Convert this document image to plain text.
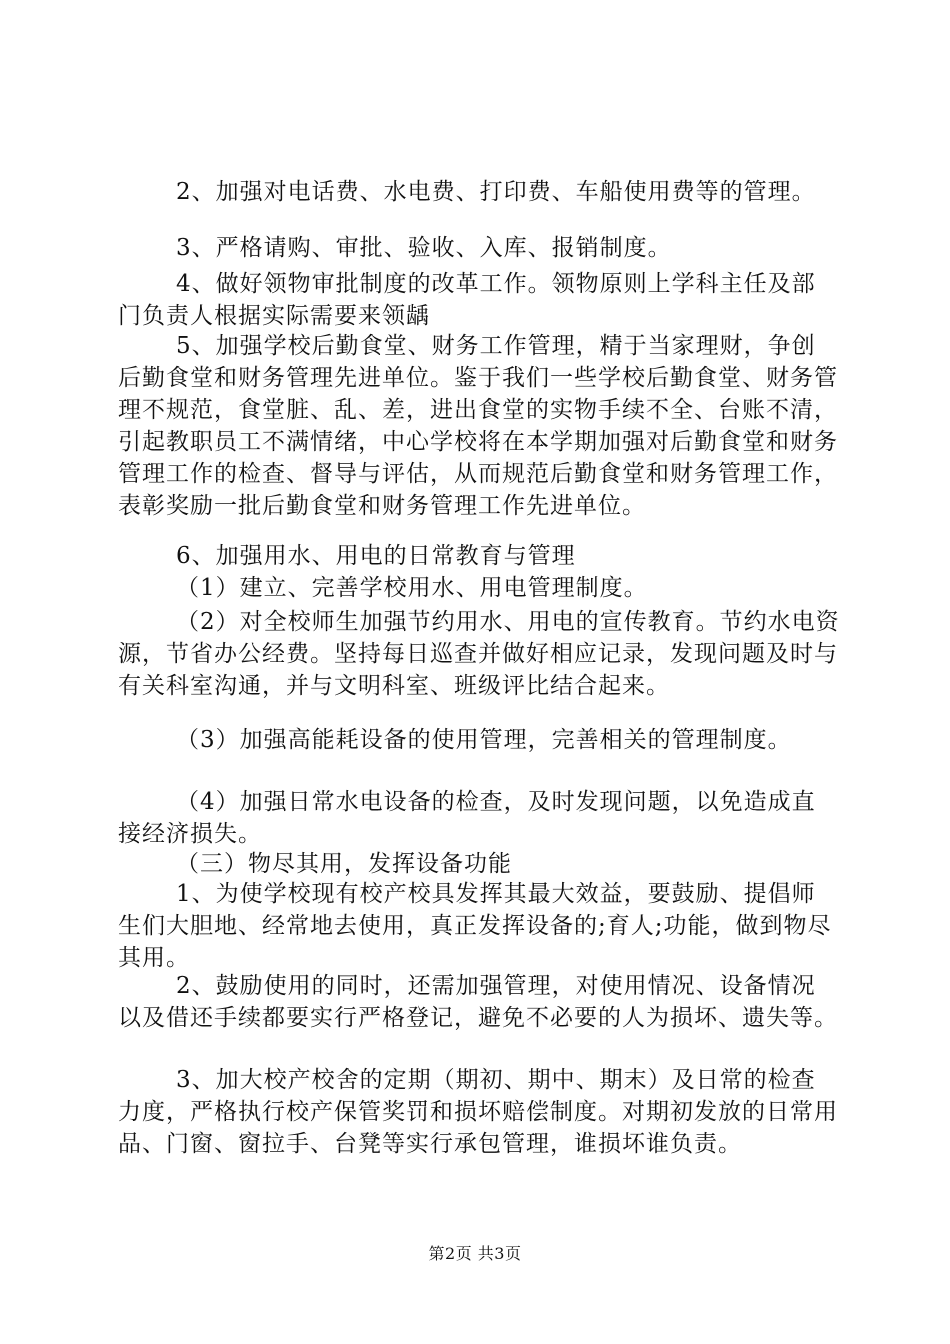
2、加强对电话费、水电费、打印费、车船使用费等的管理。

3、严格请购、审批、验收、入库、报销制度。

4、做好领物审批制度的改革工作。领物原则上学科主任及部门负责人根据实际需要来领龋

5、加强学校后勤食堂、财务工作管理，精于当家理财，争创后勤食堂和财务管理先进单位。鉴于我们一些学校后勤食堂、财务管理不规范，食堂脏、乱、差，进出食堂的实物手续不全、台账不清，引起教职员工不满情绪，中心学校将在本学期加强对后勤食堂和财务管理工作的检查、督导与评估，从而规范后勤食堂和财务管理工作，表彰奖励一批后勤食堂和财务管理工作先进单位。

6、加强用水、用电的日常教育与管理

（1）建立、完善学校用水、用电管理制度。

（2）对全校师生加强节约用水、用电的宣传教育。节约水电资源，节省办公经费。坚持每日巡查并做好相应记录，发现问题及时与有关科室沟通，并与文明科室、班级评比结合起来。

（3）加强高能耗设备的使用管理，完善相关的管理制度。

（4）加强日常水电设备的检查，及时发现问题，以免造成直接经济损失。

（三）物尽其用，发挥设备功能

1、为使学校现有校产校具发挥其最大效益，要鼓励、提倡师生们大胆地、经常地去使用，真正发挥设备的;育人;功能，做到物尽其用。

2、鼓励使用的同时，还需加强管理，对使用情况、设备情况以及借还手续都要实行严格登记，避免不必要的人为损坏、遗失等。

3、加大校产校舍的定期（期初、期中、期末）及日常的检查力度，严格执行校产保管奖罚和损坏赔偿制度。对期初发放的日常用品、门窗、窗拉手、台凳等实行承包管理，谁损坏谁负责。

第2页 共3页
